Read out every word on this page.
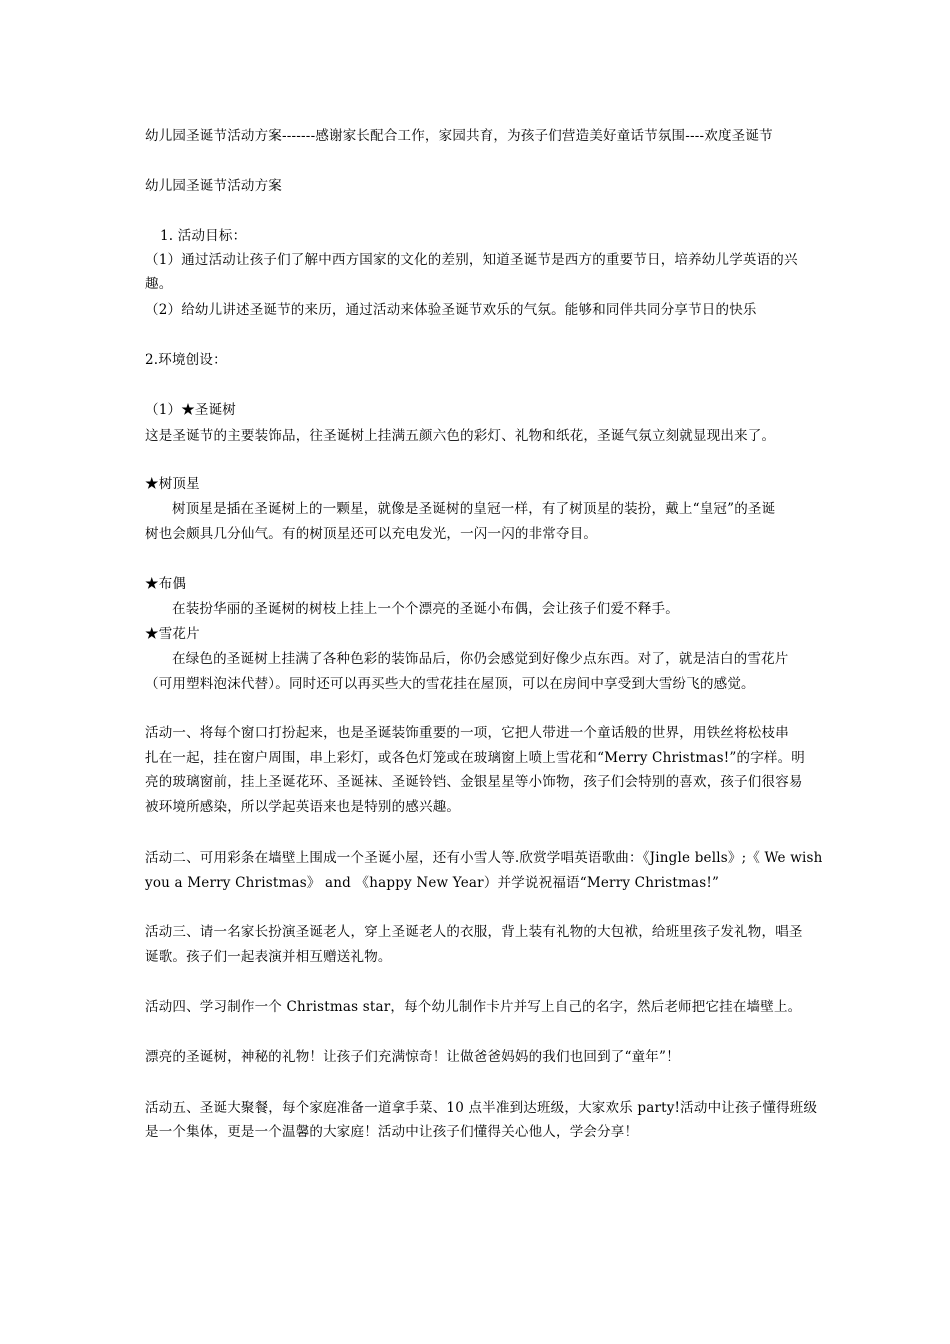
幼儿园圣诞节活动方案-------感谢家长配合工作，家园共育，为孩子们营造美好童话节氛围----欢度圣诞节
幼儿园圣诞节活动方案
1. 活动目标：
（1）通过活动让孩子们了解中西方国家的文化的差别，知道圣诞节是西方的重要节日，培养幼儿学英语的兴
趣。
（2）给幼儿讲述圣诞节的来历，通过活动来体验圣诞节欢乐的气氛。能够和同伴共同分享节日的快乐
2.环境创设：
（1）★圣诞树
这是圣诞节的主要装饰品，往圣诞树上挂满五颜六色的彩灯、礼物和纸花，圣诞气氛立刻就显现出来了。
★树顶星
树顶星是插在圣诞树上的一颗星，就像是圣诞树的皇冠一样，有了树顶星的装扮，戴上“皇冠”的圣诞
树也会颇具几分仙气。有的树顶星还可以充电发光，一闪一闪的非常夺目。
★布偶
在装扮华丽的圣诞树的树枝上挂上一个个漂亮的圣诞小布偶，会让孩子们爱不释手。
★雪花片
在绿色的圣诞树上挂满了各种色彩的装饰品后，你仍会感觉到好像少点东西。对了，就是洁白的雪花片
（可用塑料泡沫代替）。同时还可以再买些大的雪花挂在屋顶，可以在房间中享受到大雪纷飞的感觉。
活动一、将每个窗口打扮起来，也是圣诞装饰重要的一项，它把人带进一个童话般的世界，用铁丝将松枝串
扎在一起，挂在窗户周围，串上彩灯，或各色灯笼或在玻璃窗上喷上雪花和“Merry Christmas!”的字样。明
亮的玻璃窗前，挂上圣诞花环、圣诞袜、圣诞铃铛、金银星星等小饰物，孩子们会特别的喜欢，孩子们很容易
被环境所感染，所以学起英语来也是特别的感兴趣。
活动二、可用彩条在墙壁上围成一个圣诞小屋，还有小雪人等.欣赏学唱英语歌曲：《Jingle bells》;《 We wish
you a Merry Christmas》 and 《happy New Year）并学说祝福语“Merry Christmas!”
活动三、请一名家长扮演圣诞老人，穿上圣诞老人的衣服，背上装有礼物的大包袱，给班里孩子发礼物，唱圣
诞歌。孩子们一起表演并相互赠送礼物。
活动四、学习制作一个 Christmas star，每个幼儿制作卡片并写上自己的名字，然后老师把它挂在墙壁上。
漂亮的圣诞树，神秘的礼物！让孩子们充满惊奇！让做爸爸妈妈的我们也回到了“童年”！
活动五、圣诞大聚餐，每个家庭准备一道拿手菜、10 点半准到达班级，大家欢乐 party!活动中让孩子懂得班级
是一个集体，更是一个温馨的大家庭！活动中让孩子们懂得关心他人，学会分享！
